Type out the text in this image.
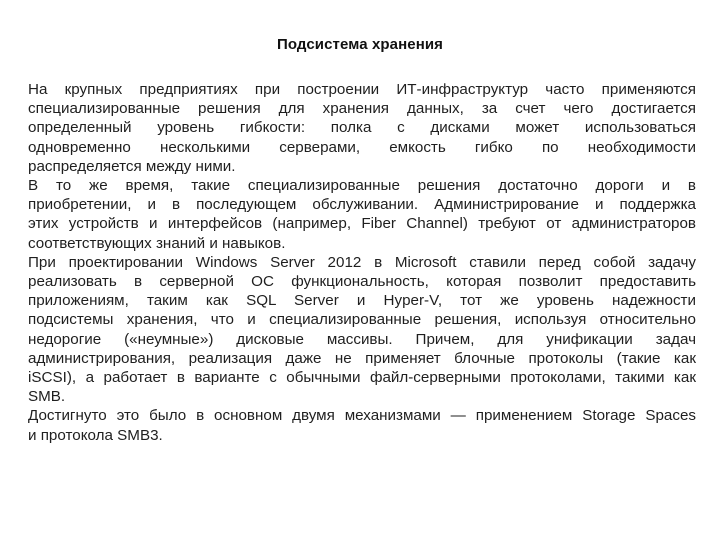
Подсистема хранения

На крупных предприятиях при построении ИТ-инфраструктур часто применяются
специализированные решения для хранения данных, за счет чего достигается
определенный уровень гибкости: полка с дисками может использоваться
одновременно несколькими серверами, емкость гибко по необходимости
распределяется между ними.

В то же время, такие специализированные решения достаточно дороги и в
приобретении, и в последующем обслуживании. Администрирование и поддержка
этих устройств и интерфейсов (например, Fiber Channel) требуют от администраторов
соответствующих знаний и навыков.

При проектировании Windows Server 2012 в Microsoft ставили перед собой задачу
реализовать в серверной ОС функциональность, которая позволит предоставить
приложениям, таким как SQL Server и Hyper-V, тот же уровень надежности
подсистемы хранения, что и специализированные решения, используя относительно
недорогие («неумные») дисковые массивы. Причем, для унификации задач
администрирования, реализация даже не применяет блочные протоколы (такие как
iSCSI), а работает в варианте с обычными файл-серверными протоколами, такими как
SMB.

Достигнуто это было в основном двумя механизмами — применением Storage Spaces
и протокола SMB3.
